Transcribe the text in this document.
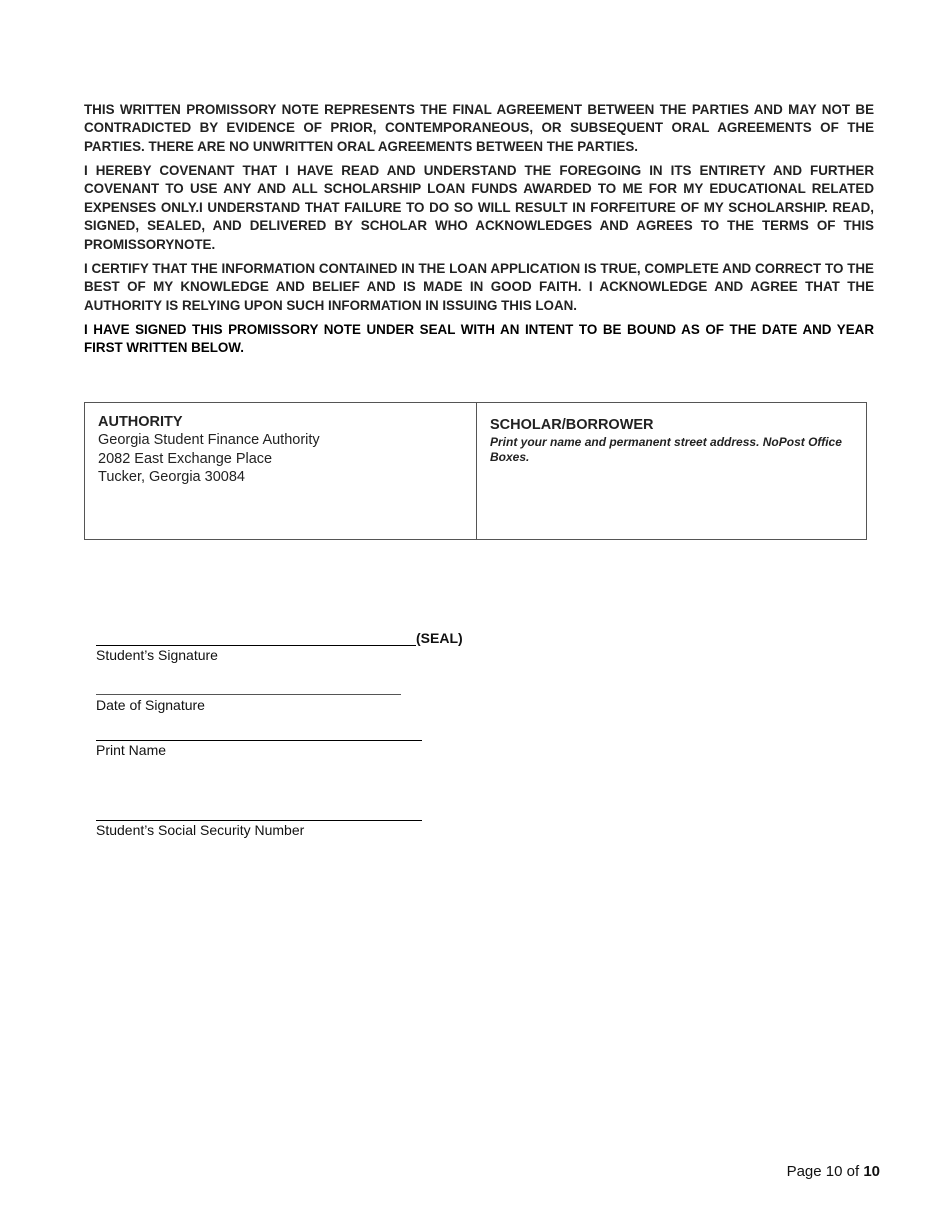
THIS WRITTEN PROMISSORY NOTE REPRESENTS THE FINAL AGREEMENT BETWEEN THE PARTIES AND MAY NOT BE CONTRADICTED BY EVIDENCE OF PRIOR, CONTEMPORANEOUS, OR SUBSEQUENT ORAL AGREEMENTS OF THE PARTIES. THERE ARE NO UNWRITTEN ORAL AGREEMENTS BETWEEN THE PARTIES.

I HEREBY COVENANT THAT I HAVE READ AND UNDERSTAND THE FOREGOING IN ITS ENTIRETY AND FURTHER COVENANT TO USE ANY AND ALL SCHOLARSHIP LOAN FUNDS AWARDED TO ME FOR MY EDUCATIONAL RELATED EXPENSES ONLY.I UNDERSTAND THAT FAILURE TO DO SO WILL RESULT IN FORFEITURE OF MY SCHOLARSHIP. READ, SIGNED, SEALED, AND DELIVERED BY SCHOLAR WHO ACKNOWLEDGES AND AGREES TO THE TERMS OF THIS PROMISSORYNOTE.

I CERTIFY THAT THE INFORMATION CONTAINED IN THE LOAN APPLICATION IS TRUE, COMPLETE AND CORRECT TO THE BEST OF MY KNOWLEDGE AND BELIEF AND IS MADE IN GOOD FAITH. I ACKNOWLEDGE AND AGREE THAT THE AUTHORITY IS RELYING UPON SUCH INFORMATION IN ISSUING THIS LOAN.

I HAVE SIGNED THIS PROMISSORY NOTE UNDER SEAL WITH AN INTENT TO BE BOUND AS OF THE DATE AND YEAR FIRST WRITTEN BELOW.

AUTHORITY
Georgia Student Finance Authority
2082 East Exchange Place
Tucker, Georgia 30084
SCHOLAR/BORROWER
Print your name and permanent street address. NoPost Office Boxes.
(SEAL)
Student’s Signature
Date of Signature
Print Name
Student’s Social Security Number
Page 10 of 10
